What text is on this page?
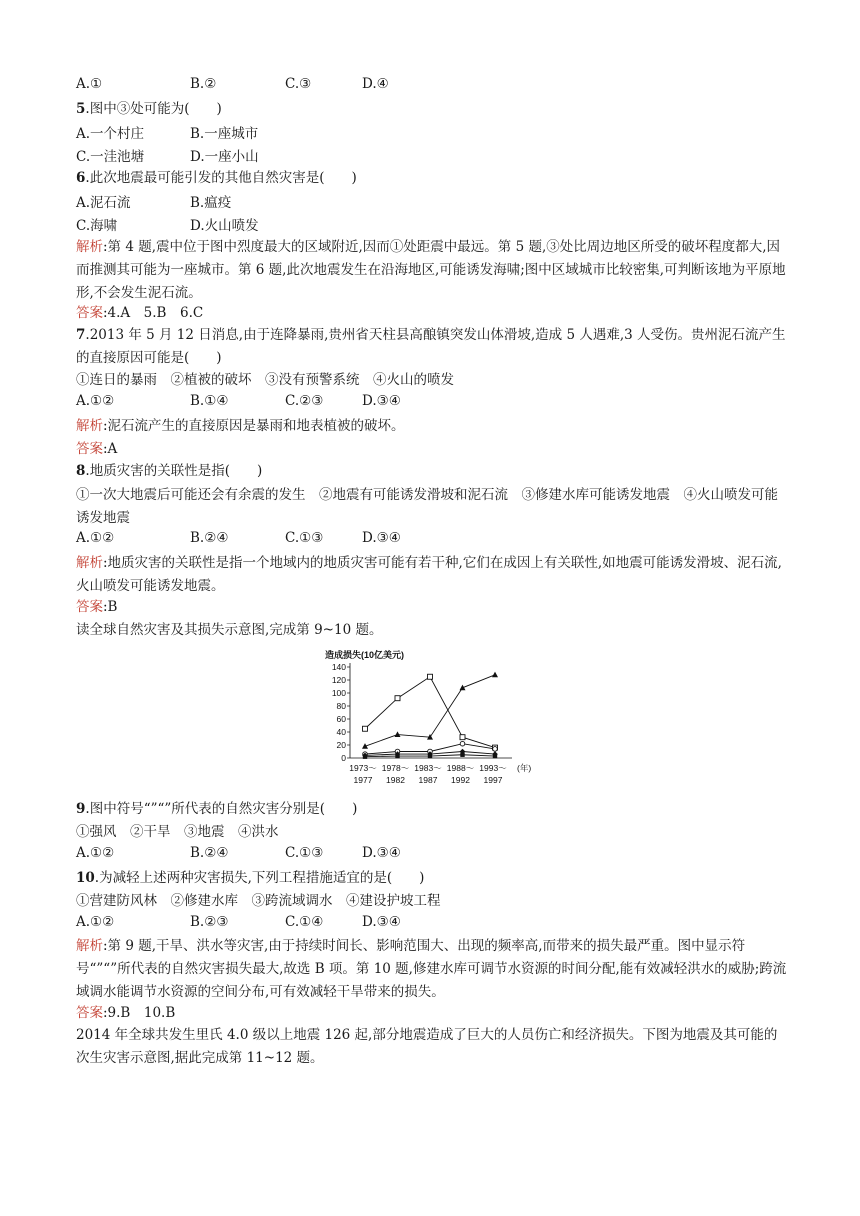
A.①	B.②	C.③	D.④
5.图中③处可能为(　　)
A.一个村庄	B.一座城市
C.一洼池塘	D.一座小山
6.此次地震最可能引发的其他自然灾害是(　　)
A.泥石流	B.瘟疫
C.海啸	D.火山喷发
解析:第 4 题,震中位于图中烈度最大的区域附近,因而①处距震中最远。第 5 题,③处比周边地区所受的破坏程度都大,因而推测其可能为一座城市。第 6 题,此次地震发生在沿海地区,可能诱发海啸;图中区域城市比较密集,可判断该地为平原地形,不会发生泥石流。
答案:4.A　5.B　6.C
7.2013 年 5 月 12 日消息,由于连降暴雨,贵州省天柱县高酿镇突发山体滑坡,造成 5 人遇难,3 人受伤。贵州泥石流产生的直接原因可能是(　　)
①连日的暴雨　②植被的破坏　③没有预警系统　④火山的喷发
A.①②	B.①④	C.②③	D.③④
解析:泥石流产生的直接原因是暴雨和地表植被的破坏。
答案:A
8.地质灾害的关联性是指(　　)
①一次大地震后可能还会有余震的发生　②地震有可能诱发滑坡和泥石流　③修建水库可能诱发地震　④火山喷发可能诱发地震
A.①②	B.②④	C.①③	D.③④
解析:地质灾害的关联性是指一个地域内的地质灾害可能有若干种,它们在成因上有关联性,如地震可能诱发滑坡、泥石流,火山喷发可能诱发地震。
答案:B
读全球自然灾害及其损失示意图,完成第 9~10 题。
造成损失(10亿美元)
0
20
40
60
80
100
120
140
1973～
1977
1978～
1982
1983～
1987
1988～
1992
1993～
1997
(年)
9.图中符号“”“”所代表的自然灾害分别是(　　)
①强风　②干旱　③地震　④洪水
A.①②	B.②④	C.①③	D.③④
10.为减轻上述两种灾害损失,下列工程措施适宜的是(　　)
①营建防风林　②修建水库　③跨流域调水　④建设护坡工程
A.①②	B.②③	C.①④	D.③④
解析:第 9 题,干旱、洪水等灾害,由于持续时间长、影响范围大、出现的频率高,而带来的损失最严重。图中显示符号“”“”所代表的自然灾害损失最大,故选 B 项。第 10 题,修建水库可调节水资源的时间分配,能有效减轻洪水的威胁;跨流域调水能调节水资源的空间分布,可有效减轻干旱带来的损失。
答案:9.B　10.B
2014 年全球共发生里氏 4.0 级以上地震 126 起,部分地震造成了巨大的人员伤亡和经济损失。下图为地震及其可能的次生灾害示意图,据此完成第 11~12 题。
